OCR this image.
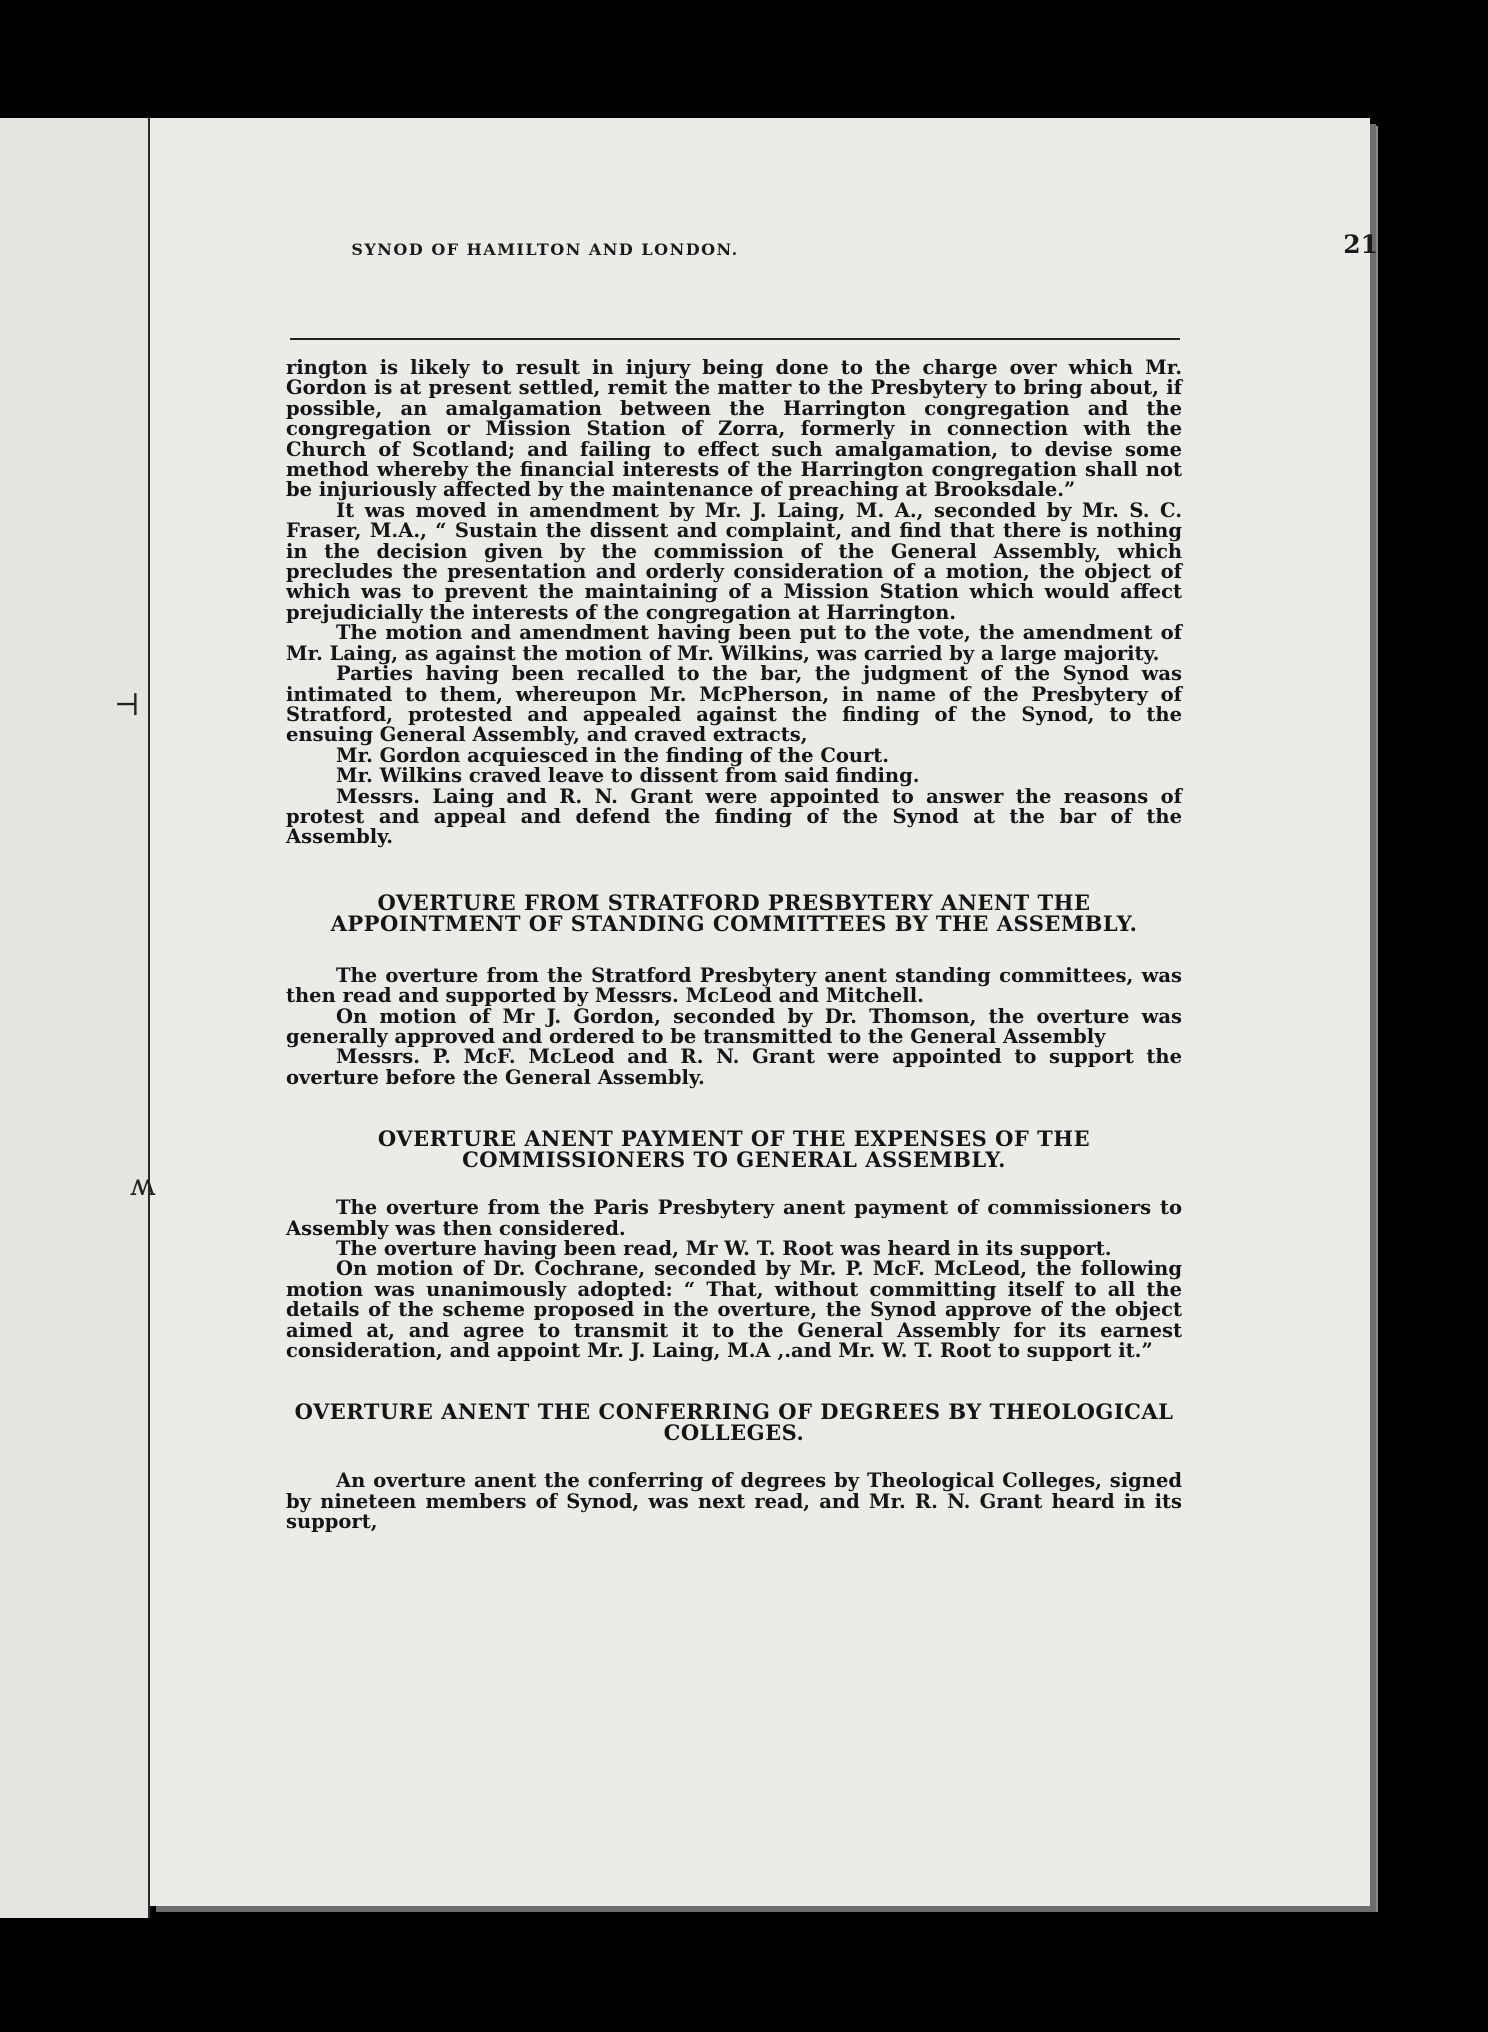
SYNOD OF HAMILTON AND LONDON.	21

rington is likely to result in injury being done to the charge over which Mr. Gordon is at present settled, remit the matter to the Presbytery to bring about, if possible, an amalgamation between the Harrington congregation and the congregation or Mission Station of Zorra, formerly in connection with the Church of Scotland; and failing to effect such amalgamation, to devise some method whereby the financial interests of the Harrington congregation shall not be injuriously affected by the maintenance of preaching at Brooksdale.”

It was moved in amendment by Mr. J. Laing, M. A., seconded by Mr. S. C. Fraser, M.A., “ Sustain the dissent and complaint, and find that there is nothing in the decision given by the commission of the General Assembly, which precludes the presentation and orderly consideration of a motion, the object of which was to prevent the maintaining of a Mission Station which would affect prejudicially the interests of the congregation at Harrington.

The motion and amendment having been put to the vote, the amendment of Mr. Laing, as against the motion of Mr. Wilkins, was carried by a large majority.

Parties having been recalled to the bar, the judgment of the Synod was intimated to them, whereupon Mr. McPherson, in name of the Presbytery of Stratford, protested and appealed against the finding of the Synod, to the ensuing General Assembly, and craved extracts,

Mr. Gordon acquiesced in the finding of the Court.

Mr. Wilkins craved leave to dissent from said finding.

Messrs. Laing and R. N. Grant were appointed to answer the reasons of protest and appeal and defend the finding of the Synod at the bar of the Assembly.

OVERTURE FROM STRATFORD PRESBYTERY ANENT THE APPOINTMENT OF STANDING COMMITTEES BY THE ASSEMBLY.

The overture from the Stratford Presbytery anent standing committees, was then read and supported by Messrs. McLeod and Mitchell.

On motion of Mr J. Gordon, seconded by Dr. Thomson, the overture was generally approved and ordered to be transmitted to the General Assembly

Messrs. P. McF. McLeod and R. N. Grant were appointed to support the overture before the General Assembly.

OVERTURE ANENT PAYMENT OF THE EXPENSES OF THE COMMISSIONERS TO GENERAL ASSEMBLY.

The overture from the Paris Presbytery anent payment of commissioners to Assembly was then considered.

The overture having been read, Mr W. T. Root was heard in its support.

On motion of Dr. Cochrane, seconded by Mr. P. McF. McLeod, the following motion was unanimously adopted: “ That, without committing itself to all the details of the scheme proposed in the overture, the Synod approve of the object aimed at, and agree to transmit it to the General Assembly for its earnest consideration, and appoint Mr. J. Laing, M.A ,.and Mr. W. T. Root to support it.”

OVERTURE ANENT THE CONFERRING OF DEGREES BY THEOLOGICAL COLLEGES.

An overture anent the conferring of degrees by Theological Colleges, signed by nineteen members of Synod, was next read, and Mr. R. N. Grant heard in its support,

⊣
ʍ
